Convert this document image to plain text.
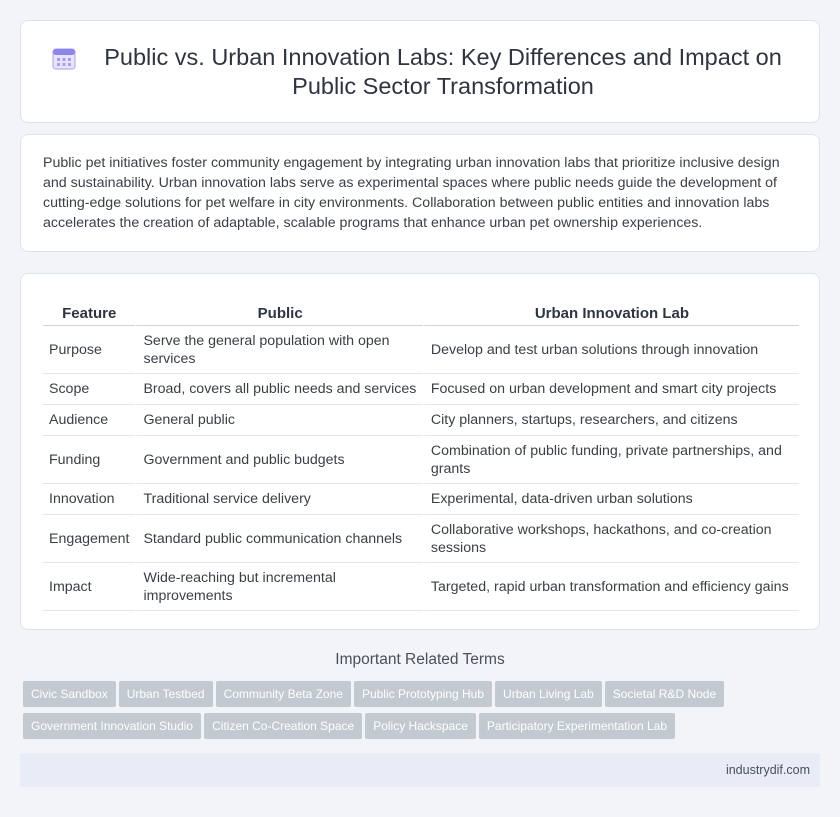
Public vs. Urban Innovation Labs: Key Differences and Impact on Public Sector Transformation

Public pet initiatives foster community engagement by integrating urban innovation labs that prioritize inclusive design and sustainability. Urban innovation labs serve as experimental spaces where public needs guide the development of cutting-edge solutions for pet welfare in city environments. Collaboration between public entities and innovation labs accelerates the creation of adaptable, scalable programs that enhance urban pet ownership experiences.

Feature	Public	Urban Innovation Lab
Purpose	Serve the general population with open services	Develop and test urban solutions through innovation
Scope	Broad, covers all public needs and services	Focused on urban development and smart city projects
Audience	General public	City planners, startups, researchers, and citizens
Funding	Government and public budgets	Combination of public funding, private partnerships, and grants
Innovation	Traditional service delivery	Experimental, data-driven urban solutions
Engagement	Standard public communication channels	Collaborative workshops, hackathons, and co-creation sessions
Impact	Wide-reaching but incremental improvements	Targeted, rapid urban transformation and efficiency gains
Important Related Terms
Civic Sandbox Urban Testbed Community Beta Zone Public Prototyping Hub Urban Living Lab Societal R&D Node
Government Innovation Studio Citizen Co-Creation Space Policy Hackspace Participatory Experimentation Lab
industrydif.com
